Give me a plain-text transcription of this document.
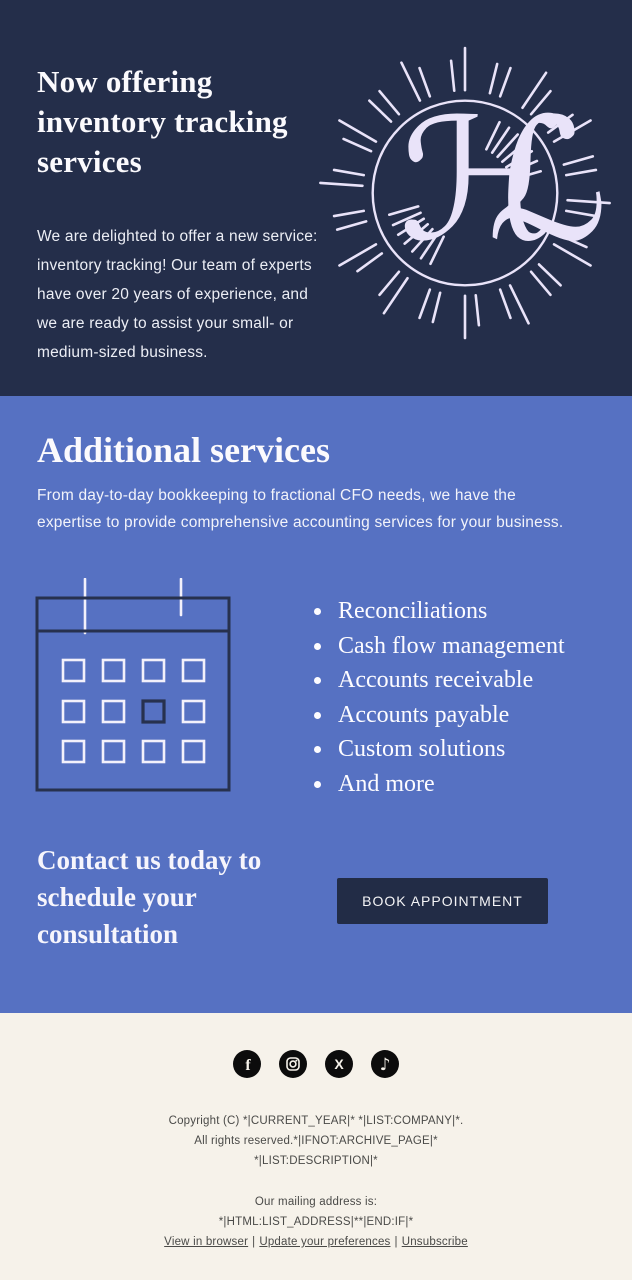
Now offering inventory tracking services

We are delighted to offer a new service: inventory tracking! Our team of experts have over 20 years of experience, and we are ready to assist your small- or medium-sized business.

ℋℒ
Additional services

From day-to-day bookkeeping to fractional CFO needs, we have the expertise to provide comprehensive accounting services for your business.

• Reconciliations
• Cash flow management
• Accounts receivable
• Accounts payable
• Custom solutions
• And more
Contact us today to schedule your consultation
BOOK APPOINTMENT
f	X ♪
Copyright (C) *|CURRENT_YEAR|* *|LIST:COMPANY|*.
All rights reserved.*|IFNOT:ARCHIVE_PAGE|*
*|LIST:DESCRIPTION|*
Our mailing address is:
*|HTML:LIST_ADDRESS|**|END:IF|*
View in browser | Update your preferences | Unsubscribe
